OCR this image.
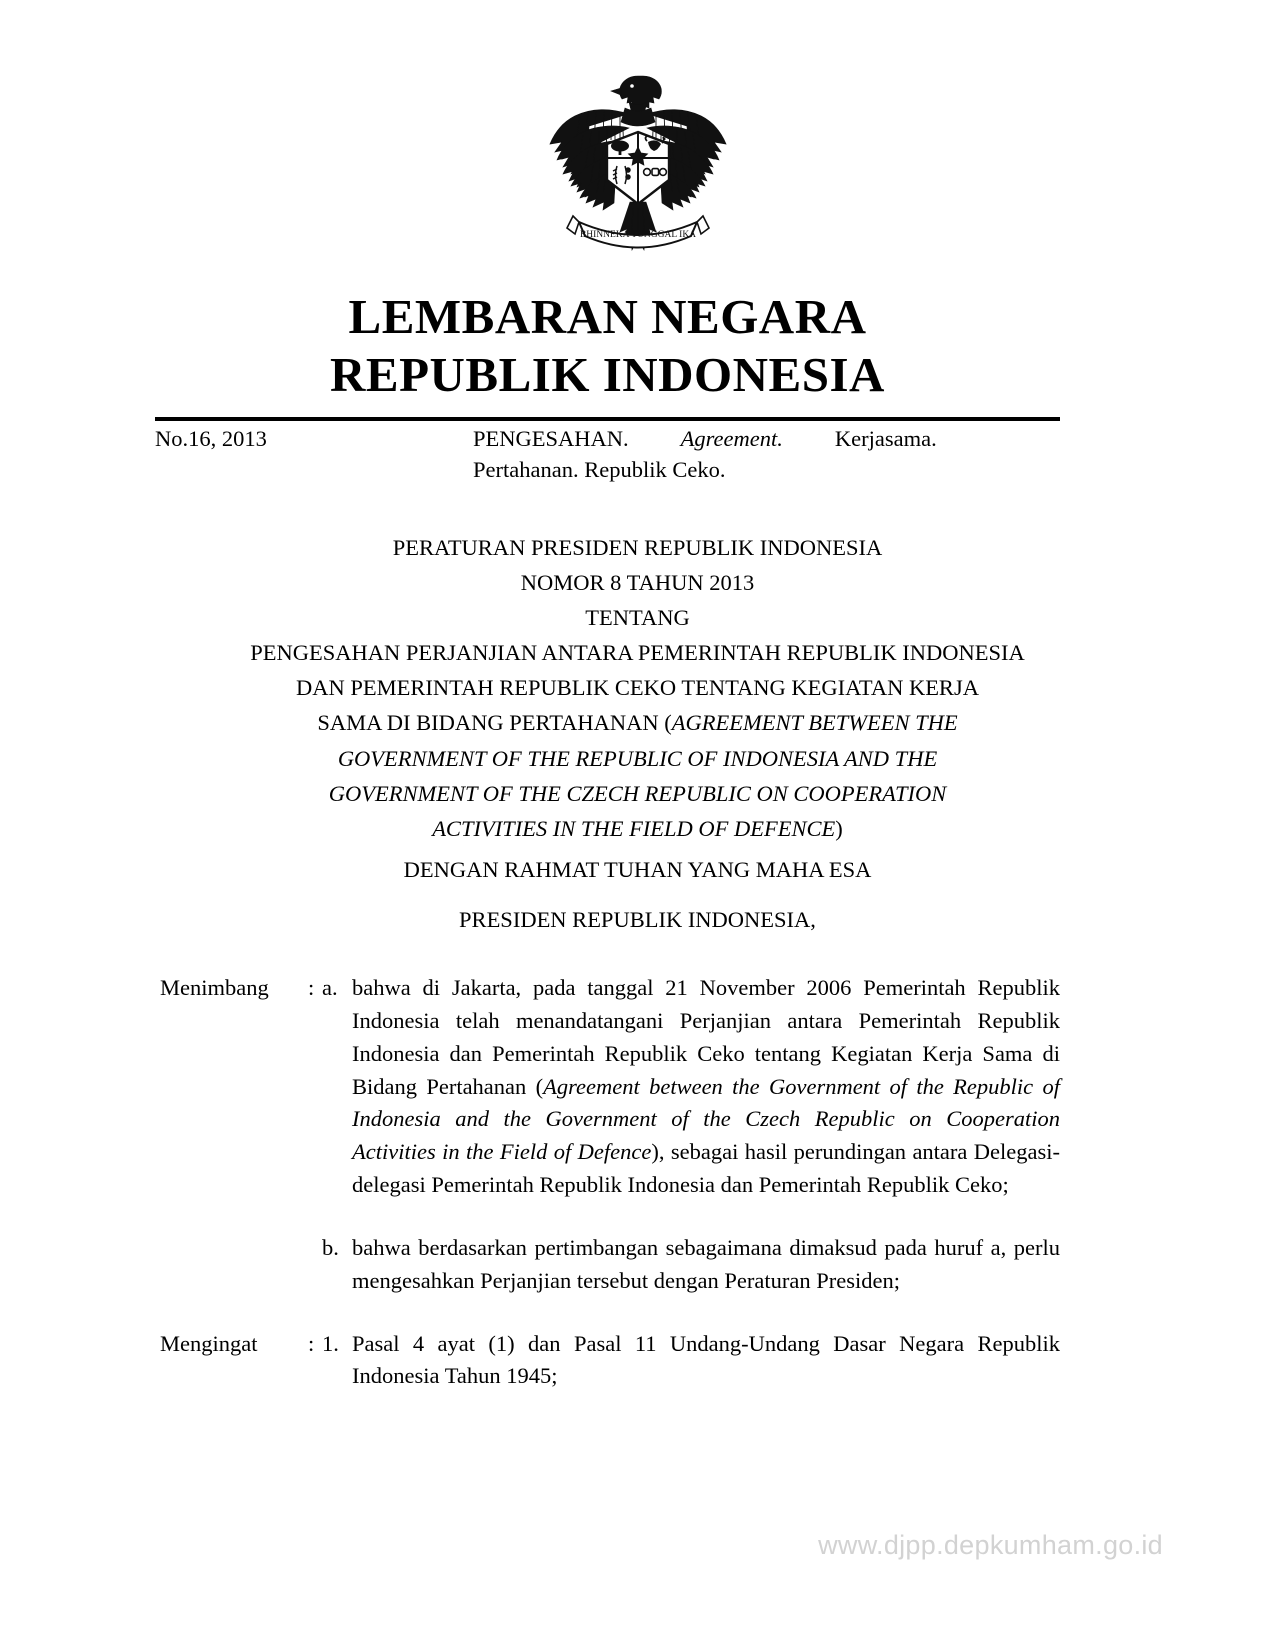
BHINNEKA TUNGGAL IKA
LEMBARAN NEGARA
REPUBLIK INDONESIA
No.16, 2013	PENGESAHAN. Agreement. Kerjasama.
Pertahanan. Republik Ceko.
PERATURAN PRESIDEN REPUBLIK INDONESIA
NOMOR 8 TAHUN 2013
TENTANG
PENGESAHAN PERJANJIAN ANTARA PEMERINTAH REPUBLIK INDONESIA
DAN PEMERINTAH REPUBLIK CEKO TENTANG KEGIATAN KERJA
SAMA DI BIDANG PERTAHANAN (AGREEMENT BETWEEN THE
GOVERNMENT OF THE REPUBLIC OF INDONESIA AND THE
GOVERNMENT OF THE CZECH REPUBLIC ON COOPERATION
ACTIVITIES IN THE FIELD OF DEFENCE)
DENGAN RAHMAT TUHAN YANG MAHA ESA
PRESIDEN REPUBLIK INDONESIA,
Menimbang	: a. bahwa di Jakarta, pada tanggal 21 November 2006 Pemerintah Republik Indonesia telah menandatangani Perjanjian antara Pemerintah Republik Indonesia dan Pemerintah Republik Ceko tentang Kegiatan Kerja Sama di Bidang Pertahanan (Agreement between the Government of the Republic of Indonesia and the Government of the Czech Republic on Cooperation Activities in the Field of Defence), sebagai hasil perundingan antara Delegasi-delegasi Pemerintah Republik Indonesia dan Pemerintah Republik Ceko;
b. bahwa berdasarkan pertimbangan sebagaimana dimaksud pada huruf a, perlu mengesahkan Perjanjian tersebut dengan Peraturan Presiden;
Mengingat	: 1. Pasal 4 ayat (1) dan Pasal 11 Undang-Undang Dasar Negara Republik Indonesia Tahun 1945;
www.djpp.depkumham.go.id
